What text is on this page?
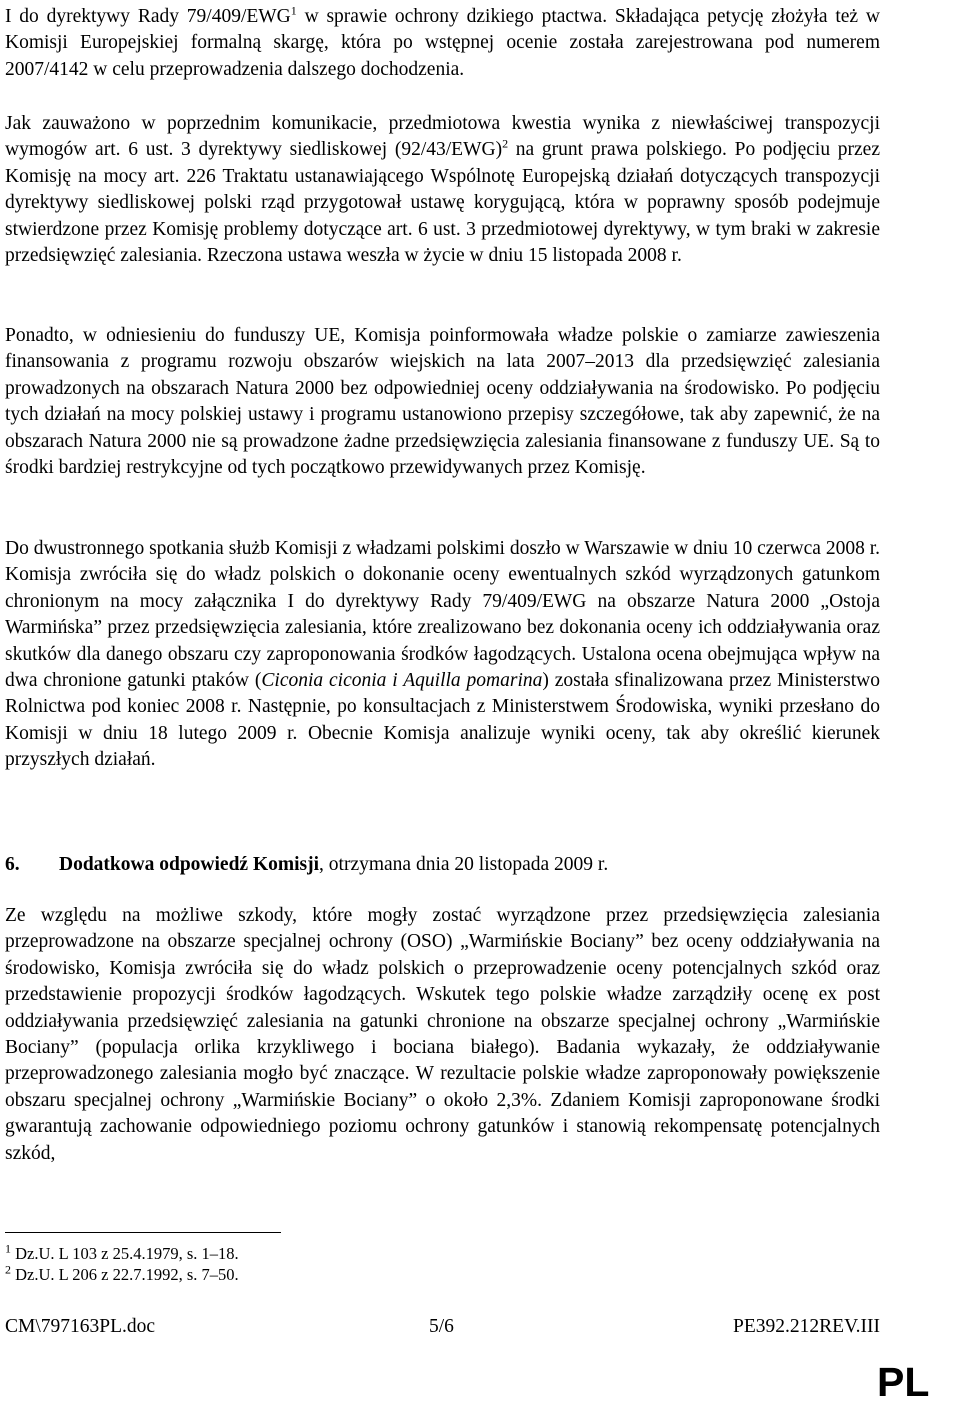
I do dyrektywy Rady 79/409/EWG$^1$ w sprawie ochrony dzikiego ptactwa. Składająca petycję złożyła też w Komisji Europejskiej formalną skargę, która po wstępnej ocenie została zarejestrowana pod numerem 2007/4142 w celu przeprowadzenia dalszego dochodzenia.

Jak zauważono w poprzednim komunikacie, przedmiotowa kwestia wynika z niewłaściwej transpozycji wymogów art. 6 ust. 3 dyrektywy siedliskowej $(92/43/EWG)^2$ na grunt prawa polskiego. Po podjęciu przez Komisję na mocy art. 226 Traktatu ustanawiającego Wspólnotę Europejską działań dotyczących transpozycji dyrektywy siedliskowej polski rząd przygotował ustawę korygującą, która w poprawny sposób podejmuje stwierdzone przez Komisję problemy dotyczące art. 6 ust. 3 przedmiotowej dyrektywy, w tym braki w zakresie przedsięwzięć zalesiania. Rzeczona ustawa weszła w życie w dniu 15 listopada 2008 r.

Ponadto, w odniesieniu do funduszy UE, Komisja poinformowała władze polskie o zamiarze zawieszenia finansowania z programu rozwoju obszarów wiejskich na lata 2007–2013 dla przedsięwzięć zalesiania prowadzonych na obszarach Natura 2000 bez odpowiedniej oceny oddziaływania na środowisko. Po podjęciu tych działań na mocy polskiej ustawy i programu ustanowiono przepisy szczegółowe, tak aby zapewnić, że na obszarach Natura 2000 nie są prowadzone żadne przedsięwzięcia zalesiania finansowane z funduszy UE. Są to środki bardziej restrykcyjne od tych początkowo przewidywanych przez Komisję.

Do dwustronnego spotkania służb Komisji z władzami polskimi doszło w Warszawie w dniu 10 czerwca 2008 r. Komisja zwróciła się do władz polskich o dokonanie oceny ewentualnych szkód wyrządzonych gatunkom chronionym na mocy załącznika I do dyrektywy Rady 79/409/EWG na obszarze Natura 2000 „Ostoja Warmińska” przez przedsięwzięcia zalesiania, które zrealizowano bez dokonania oceny ich oddziaływania oraz skutków dla danego obszaru czy zaproponowania środków łagodzących. Ustalona ocena obejmująca wpływ na dwa chronione gatunki ptaków (Ciconia ciconia i Aquilla pomarina) została sfinalizowana przez Ministerstwo Rolnictwa pod koniec 2008 r. Następnie, po konsultacjach z Ministerstwem Środowiska, wyniki przesłano do Komisji w dniu 18 lutego 2009 r. Obecnie Komisja analizuje wyniki oceny, tak aby określić kierunek przyszłych działań.

6. Dodatkowa odpowiedź Komisji, otrzymana dnia 20 listopada 2009 r.

Ze względu na możliwe szkody, które mogły zostać wyrządzone przez przedsięwzięcia zalesiania przeprowadzone na obszarze specjalnej ochrony (OSO) „Warmińskie Bociany” bez oceny oddziaływania na środowisko, Komisja zwróciła się do władz polskich o przeprowadzenie oceny potencjalnych szkód oraz przedstawienie propozycji środków łagodzących. Wskutek tego polskie władze zarządziły ocenę ex post oddziaływania przedsięwzięć zalesiania na gatunki chronione na obszarze specjalnej ochrony „Warmińskie Bociany” (populacja orlika krzykliwego i bociana białego). Badania wykazały, że oddziaływanie przeprowadzonego zalesiania mogło być znaczące. W rezultacie polskie władze zaproponowały powiększenie obszaru specjalnej ochrony „Warmińskie Bociany” o około 2,3%. Zdaniem Komisji zaproponowane środki gwarantują zachowanie odpowiedniego poziomu ochrony gatunków i stanowią rekompensatę potencjalnych szkód,

$^1$ Dz.U. L 103 z 25.4.1979, s. 1–18.
$^2$ Dz.U. L 206 z 22.7.1992, s. 7–50.
CM\797163PL.doc	5/6	PE392.212REV.III
PL
